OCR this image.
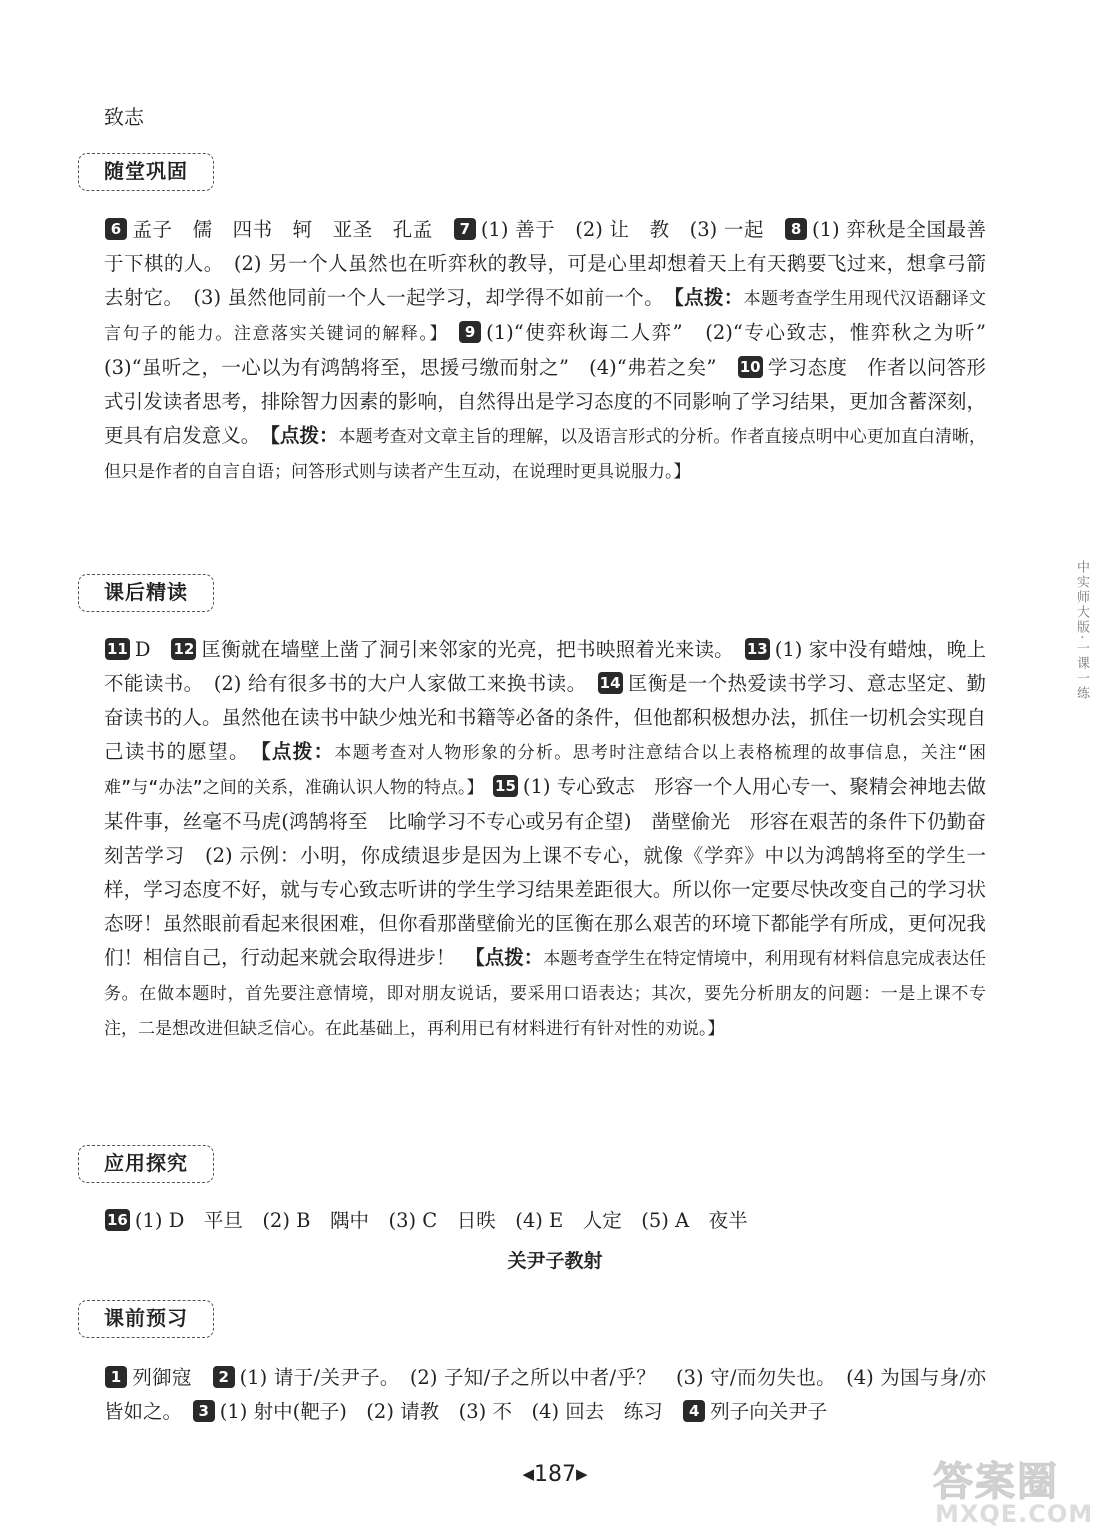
致志
随堂巩固
6 孟子　儒　四书　轲　亚圣　孔孟　7 (1) 善于　(2) 让　教　(3) 一起　8 (1) 弈秋是全国最善于下棋的人。　(2) 另一个人虽然也在听弈秋的教导，可是心里却想着天上有天鹅要飞过来，想拿弓箭去射它。　(3) 虽然他同前一个人一起学习，却学得不如前一个。　【点拨：本题考查学生用现代汉语翻译文言句子的能力。注意落实关键词的解释。】　9 (1)“使弈秋诲二人弈”　(2)“专心致志，惟弈秋之为听”　(3)“虽听之，一心以为有鸿鹄将至，思援弓缴而射之”　(4)“弗若之矣”　10 学习态度　作者以问答形式引发读者思考，排除智力因素的影响，自然得出是学习态度的不同影响了学习结果，更加含蓄深刻，更具有启发意义。　【点拨：本题考查对文章主旨的理解，以及语言形式的分析。作者直接点明中心更加直白清晰，但只是作者的自言自语；问答形式则与读者产生互动，在说理时更具说服力。】
课后精读
11 D　12 匡衡就在墙壁上凿了洞引来邻家的光亮，把书映照着光来读。　13 (1) 家中没有蜡烛，晚上不能读书。　(2) 给有很多书的大户人家做工来换书读。　14 匡衡是一个热爱读书学习、意志坚定、勤奋读书的人。虽然他在读书中缺少烛光和书籍等必备的条件，但他都积极想办法，抓住一切机会实现自己读书的愿望。　【点拨：本题考查对人物形象的分析。思考时注意结合以上表格梳理的故事信息，关注“困难”与“办法”之间的关系，准确认识人物的特点。】　15 (1) 专心致志　形容一个人用心专一、聚精会神地去做某件事，丝毫不马虎(鸿鹄将至　比喻学习不专心或另有企望)　凿壁偷光　形容在艰苦的条件下仍勤奋刻苦学习　(2) 示例：小明，你成绩退步是因为上课不专心，就像《学弈》中以为鸿鹄将至的学生一样，学习态度不好，就与专心致志听讲的学生学习结果差距很大。所以你一定要尽快改变自己的学习状态呀！虽然眼前看起来很困难，但你看那凿壁偷光的匡衡在那么艰苦的环境下都能学有所成，更何况我们！相信自己，行动起来就会取得进步！　【点拨：本题考查学生在特定情境中，利用现有材料信息完成表达任务。在做本题时，首先要注意情境，即对朋友说话，要采用口语表达；其次，要先分析朋友的问题：一是上课不专注，二是想改进但缺乏信心。在此基础上，再利用已有材料进行有针对性的劝说。】
应用探究
16 (1) D　平旦　(2) B　隅中　(3) C　日昳　(4) E　人定　(5) A　夜半
关尹子教射
课前预习
1 列御寇　2 (1) 请于/关尹子。　(2) 子知/子之所以中者/乎？　(3) 守/而勿失也。　(4) 为国与身/亦皆如之。　3 (1) 射中(靶子)　(2) 请教　(3) 不　(4) 回去　练习　4 列子向关尹子
中实师大版·一课一练
◀187▶	答案圈
MXQE.COM
